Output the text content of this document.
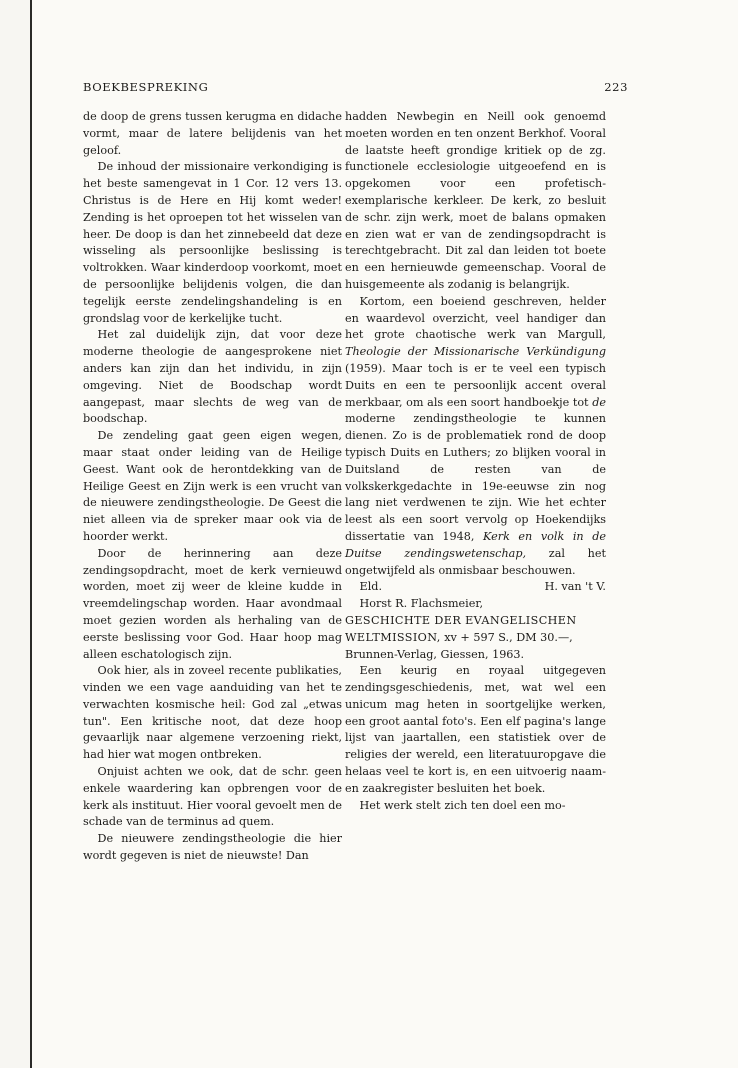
BOEKBESPREKING	223

de doop de grens tussen kerugma en didache vormt, maar de latere belijdenis van het geloof.

De inhoud der missionaire verkondiging is het beste samengevat in 1 Cor. 12 vers 13. Christus is de Here en Hij komt weder! Zending is het oproepen tot het wisselen van heer. De doop is dan het zinnebeeld dat deze wisseling als persoonlijke beslissing is voltrokken. Waar kinderdoop voorkomt, moet de persoonlijke belijdenis volgen, die dan tegelijk eerste zendelingshandeling is en grondslag voor de kerkelijke tucht.

Het zal duidelijk zijn, dat voor deze moderne theologie de aangesprokene niet anders kan zijn dan het individu, in zijn omgeving. Niet de Boodschap wordt aangepast, maar slechts de weg van de boodschap.

De zendeling gaat geen eigen wegen, maar staat onder leiding van de Heilige Geest. Want ook de herontdekking van de Heilige Geest en Zijn werk is een vrucht van de nieuwere zendingstheologie. De Geest die niet alleen via de spreker maar ook via de hoorder werkt.

Door de herinnering aan deze zendingsopdracht, moet de kerk vernieuwd worden, moet zij weer de kleine kudde in vreemdelingschap worden. Haar avondmaal moet gezien worden als herhaling van de eerste beslissing voor God. Haar hoop mag alleen eschatologisch zijn.

Ook hier, als in zoveel recente publikaties, vinden we een vage aanduiding van het te verwachten kosmische heil: God zal „etwas tun". Een kritische noot, dat deze hoop gevaarlijk naar algemene verzoening riekt, had hier wat mogen ontbreken.

Onjuist achten we ook, dat de schr. geen enkele waardering kan opbrengen voor de kerk als instituut. Hier vooral gevoelt men de schade van de terminus ad quem.

De nieuwere zendingstheologie die hier wordt gegeven is niet de nieuwste! Dan

hadden Newbegin en Neill ook genoemd moeten worden en ten onzent Berkhof. Vooral de laatste heeft grondige kritiek op de zg. functionele ecclesiologie uitgeoefend en is opgekomen voor een profetisch-exemplarische kerkleer. De kerk, zo besluit de schr. zijn werk, moet de balans opmaken en zien wat er van de zendingsopdracht is terechtgebracht. Dit zal dan leiden tot boete en een hernieuwde gemeenschap. Vooral de huisgemeente als zodanig is belangrijk.

Kortom, een boeiend geschreven, helder en waardevol overzicht, veel handiger dan het grote chaotische werk van Margull, Theologie der Missionarische Verkündigung (1959). Maar toch is er te veel een typisch Duits en een te persoonlijk accent overal merkbaar, om als een soort handboekje tot de moderne zendingstheologie te kunnen dienen. Zo is de problematiek rond de doop typisch Duits en Luthers; zo blijken vooral in Duitsland de resten van de volkskerkgedachte in 19e-eeuwse zin nog lang niet verdwenen te zijn. Wie het echter leest als een soort vervolg op Hoekendijks dissertatie van 1948, Kerk en volk in de Duitse zendingswetenschap, zal het ongetwijfeld als onmisbaar beschouwen.

Eld.	H. van 't V.

Horst R. Flachsmeier,
GESCHICHTE DER EVANGELISCHEN WELTMISSION, xv + 597 S., DM 30.—, Brunnen-Verlag, Giessen, 1963.

Een keurig en royaal uitgegeven zendingsgeschiedenis, met, wat wel een unicum mag heten in soortgelijke werken, een groot aantal foto's. Een elf pagina's lange lijst van jaartallen, een statistiek over de religies der wereld, een literatuuropgave die helaas veel te kort is, en een uitvoerig naam- en zaakregister besluiten het boek.

Het werk stelt zich ten doel een mo-
